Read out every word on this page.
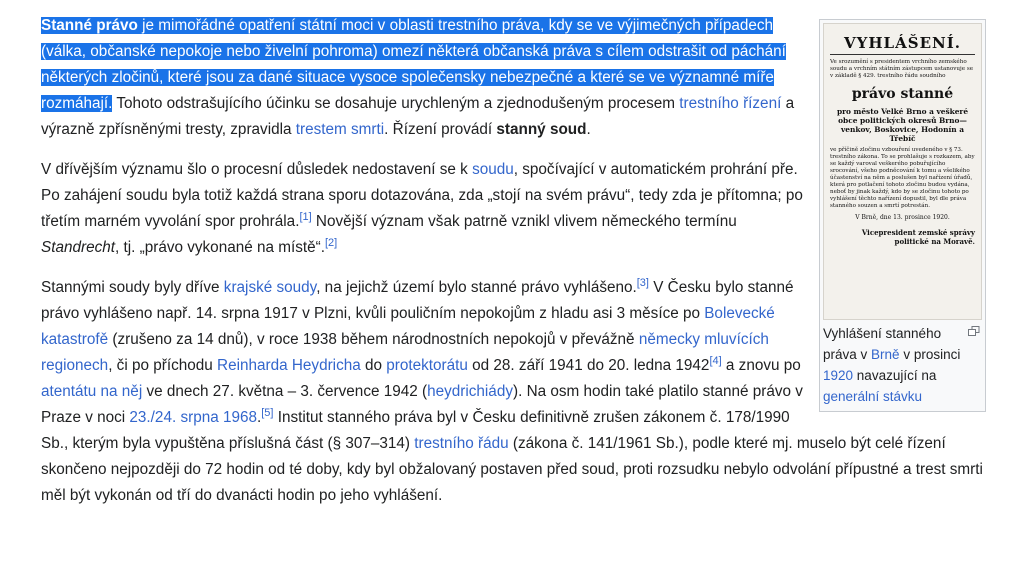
VYHLÁŠENÍ.
Ve srozumění s presidentem vrchního zemského soudu a vrchním státním zástupcem ustanovuje se v základě § 429. trestního řádu soudního
právo stanné
pro město Velké Brno a veškeré obce politických okresů Brno—venkov, Boskovice, Hodonín a Třebíč
ve příčině zločinu vzbouření uvedeného v § 73. trestního zákona. To se prohlašuje s rozkazem, aby se každý varoval veškerého pobuřujícího srocování, všeho podněcování k tomu a všelikého účastenství na něm a poslušen byl nařízení úřadů, která pro potlačení tohoto zločinu budou vydána, neboť by jinak každý, kdo by se zločinu tohoto po vyhlášení těchto nařízení dopustil, byl dle práva stanného souzen a smrtí potrestán.
V Brně, dne 13. prosince 1920.
Vicepresident zemské správy politické na Moravě.
Vyhlášení stanného práva v Brně v prosinci 1920 navazující na generální stávku

Stanné právo je mimořádné opatření státní moci v oblasti trestního práva, kdy se ve výjimečných případech (válka, občanské nepokoje nebo živelní pohroma) omezí některá občanská práva s cílem odstrašit od páchání některých zločinů, které jsou za dané situace vysoce společensky nebezpečné a které se ve významné míře rozmáhají. Tohoto odstrašujícího účinku se dosahuje urychleným a zjednodušeným procesem trestního řízení a výrazně zpřísněnými tresty, zpravidla trestem smrti. Řízení provádí stanný soud.

V dřívějším významu šlo o procesní důsledek nedostavení se k soudu, spočívající v automatickém prohrání pře. Po zahájení soudu byla totiž každá strana sporu dotazována, zda „stojí na svém právu“, tedy zda je přítomna; po třetím marném vyvolání spor prohrála.[1] Novější význam však patrně vznikl vlivem německého termínu Standrecht, tj. „právo vykonané na místě“.[2]

Stannými soudy byly dříve krajské soudy, na jejichž území bylo stanné právo vyhlášeno.[3] V Česku bylo stanné právo vyhlášeno např. 14. srpna 1917 v Plzni, kvůli pouličním nepokojům z hladu asi 3 měsíce po Bolevecké katastrofě (zrušeno za 14 dnů), v roce 1938 během národnostních nepokojů v převážně německy mluvících regionech, či po příchodu Reinharda Heydricha do protektorátu od 28. září 1941 do 20. ledna 1942[4] a znovu po atentátu na něj ve dnech 27. května – 3. července 1942 (heydrichiády). Na osm hodin také platilo stanné právo v Praze v noci 23./24. srpna 1968.[5] Institut stanného práva byl v Česku definitivně zrušen zákonem č. 178/1990 Sb., kterým byla vypuštěna příslušná část (§ 307–314) trestního řádu (zákona č. 141/1961 Sb.), podle které mj. muselo být celé řízení skončeno nejpozději do 72 hodin od té doby, kdy byl obžalovaný postaven před soud, proti rozsudku nebylo odvolání přípustné a trest smrti měl být vykonán od tří do dvanácti hodin po jeho vyhlášení.
